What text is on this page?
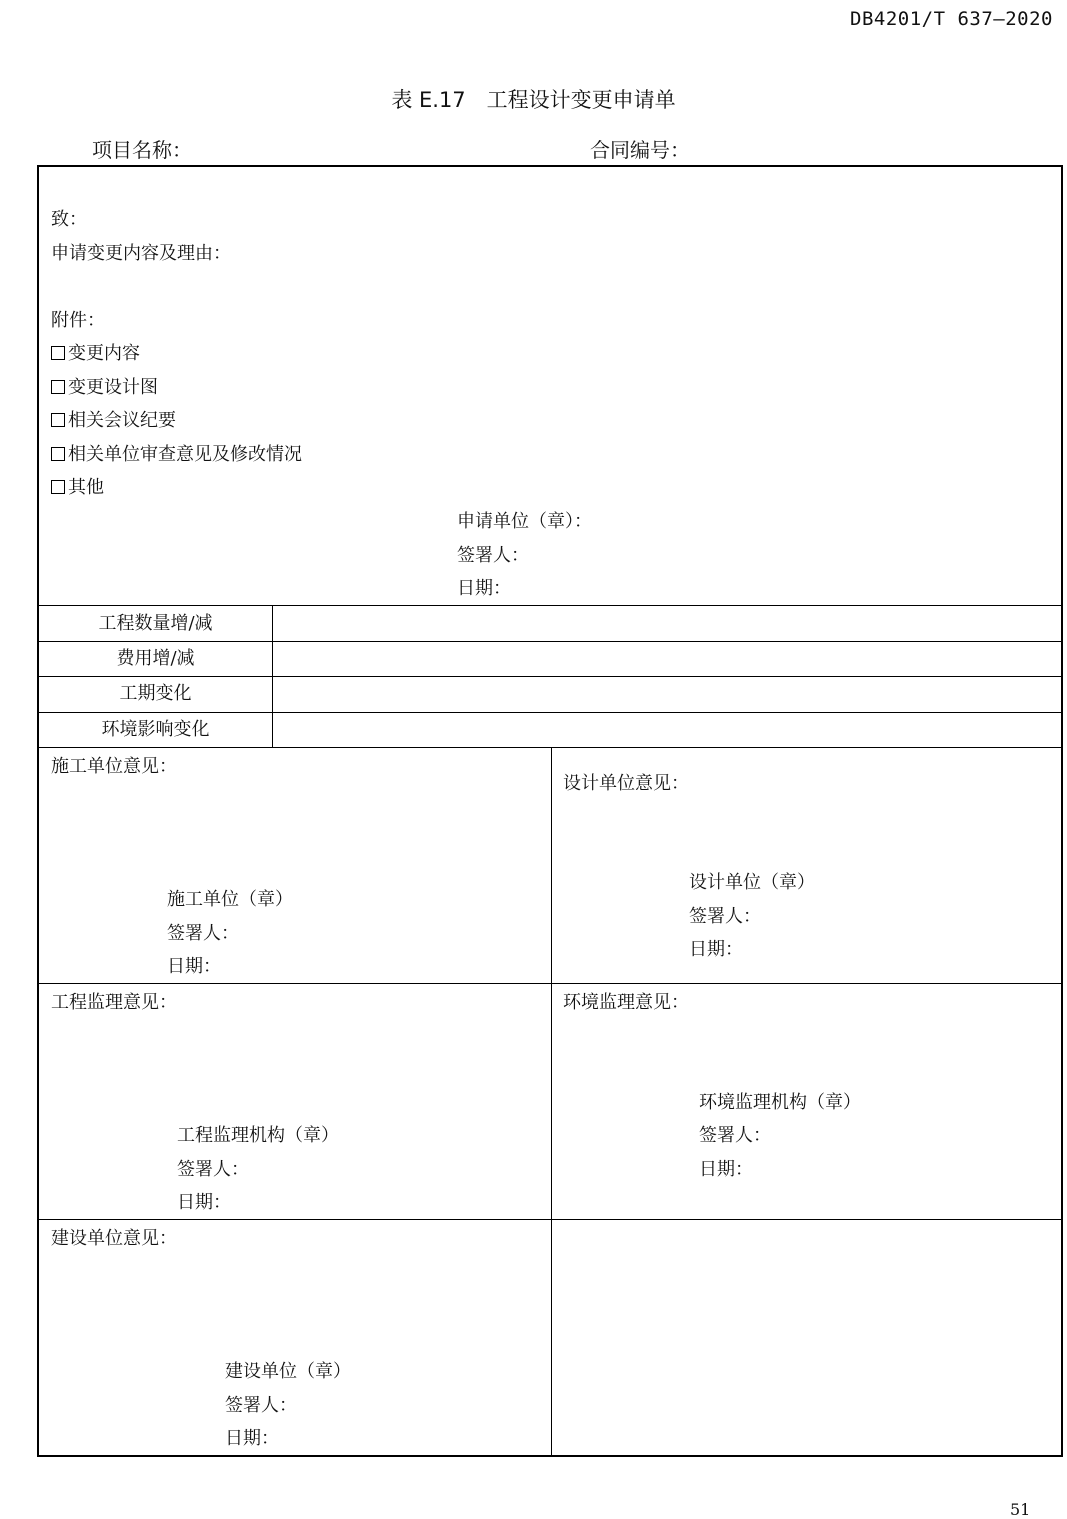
DB4201/T 637—2020
表 E.17　工程设计变更申请单
项目名称：	合同编号：
致：
申请变更内容及理由：
附件：
变更内容
变更设计图
相关会议纪要
相关单位审查意见及修改情况
其他
申请单位（章）：
签署人：
日期：
工程数量增/减
费用增/减
工期变化
环境影响变化
施工单位意见：
施工单位（章）
签署人：
日期：
设计单位意见：
设计单位（章）
签署人：
日期：
工程监理意见：
工程监理机构（章）
签署人：
日期：
环境监理意见：
环境监理机构（章）
签署人：
日期：
建设单位意见：
建设单位（章）
签署人：
日期：
51
